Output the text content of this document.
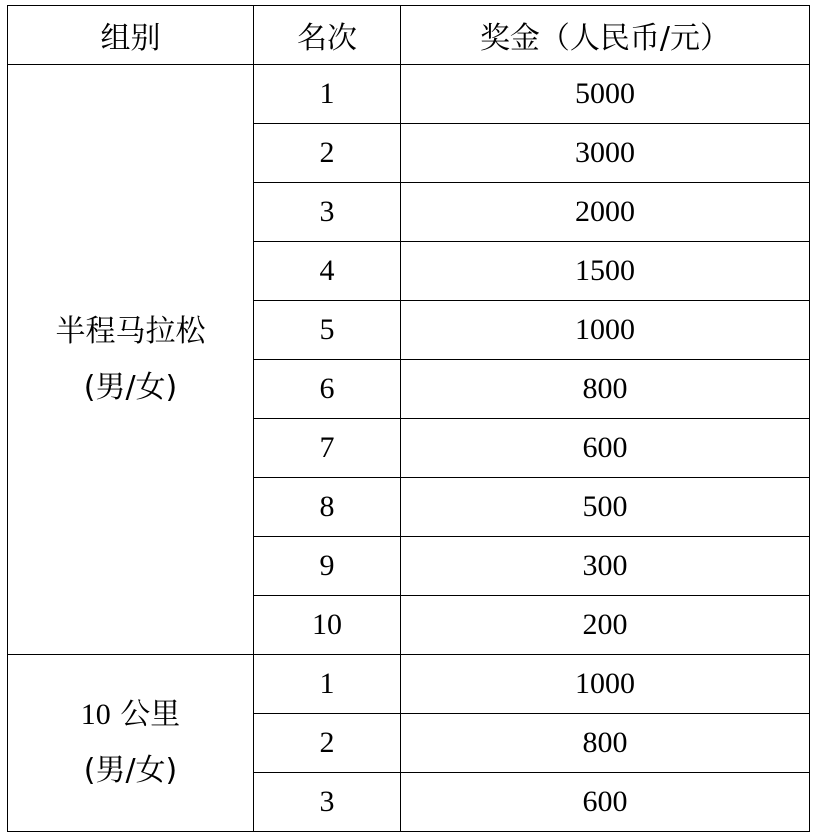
组别	名次	奖金（人民币/元）

半程马拉松
(男/女)	1	5000
	2	3000
	3	2000
	4	1500
	5	1000
	6	800
	7	600
	8	500
	9	300
	10	200

10 公里
(男/女)	1	1000
	2	800
	3	600
